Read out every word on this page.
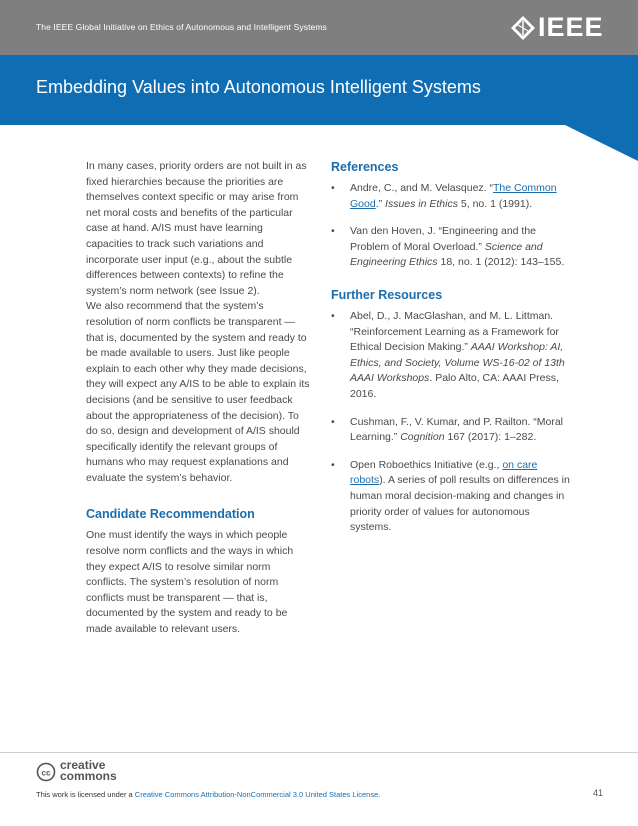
The IEEE Global Initiative on Ethics of Autonomous and Intelligent Systems	IEEE
Embedding Values into Autonomous Intelligent Systems

In many cases, priority orders are not built in as fixed hierarchies because the priorities are themselves context specific or may arise from net moral costs and benefits of the particular case at hand. A/IS must have learning capacities to track such variations and incorporate user input (e.g., about the subtle differences between contexts) to refine the system’s norm network (see Issue 2).

We also recommend that the system’s resolution of norm conflicts be transparent — that is, documented by the system and ready to be made available to users. Just like people explain to each other why they made decisions, they will expect any A/IS to be able to explain its decisions (and be sensitive to user feedback about the appropriateness of the decision). To do so, design and development of A/IS should specifically identify the relevant groups of humans who may request explanations and evaluate the system’s behavior.

Candidate Recommendation

One must identify the ways in which people resolve norm conflicts and the ways in which they expect A/IS to resolve similar norm conflicts. The system’s resolution of norm conflicts must be transparent — that is, documented by the system and ready to be made available to relevant users.

References

• Andre, C., and M. Velasquez. “The Common Good.” Issues in Ethics 5, no. 1 (1991).
• Van den Hoven, J. “Engineering and the Problem of Moral Overload.” Science and Engineering Ethics 18, no. 1 (2012): 143–155.

Further Resources

• Abel, D., J. MacGlashan, and M. L. Littman. “Reinforcement Learning as a Framework for Ethical Decision Making.” AAAI Workshop: AI, Ethics, and Society, Volume WS-16-02 of 13th AAAI Workshops. Palo Alto, CA: AAAI Press, 2016.
• Cushman, F., V. Kumar, and P. Railton. “Moral Learning.” Cognition 167 (2017): 1–282.
• Open Roboethics Initiative (e.g., on care robots). A series of poll results on differences in human moral decision-making and changes in priority order of values for autonomous systems.
cc
creative
commons
This work is licensed under a Creative Commons Attribution-NonCommercial 3.0 United States License.	41
